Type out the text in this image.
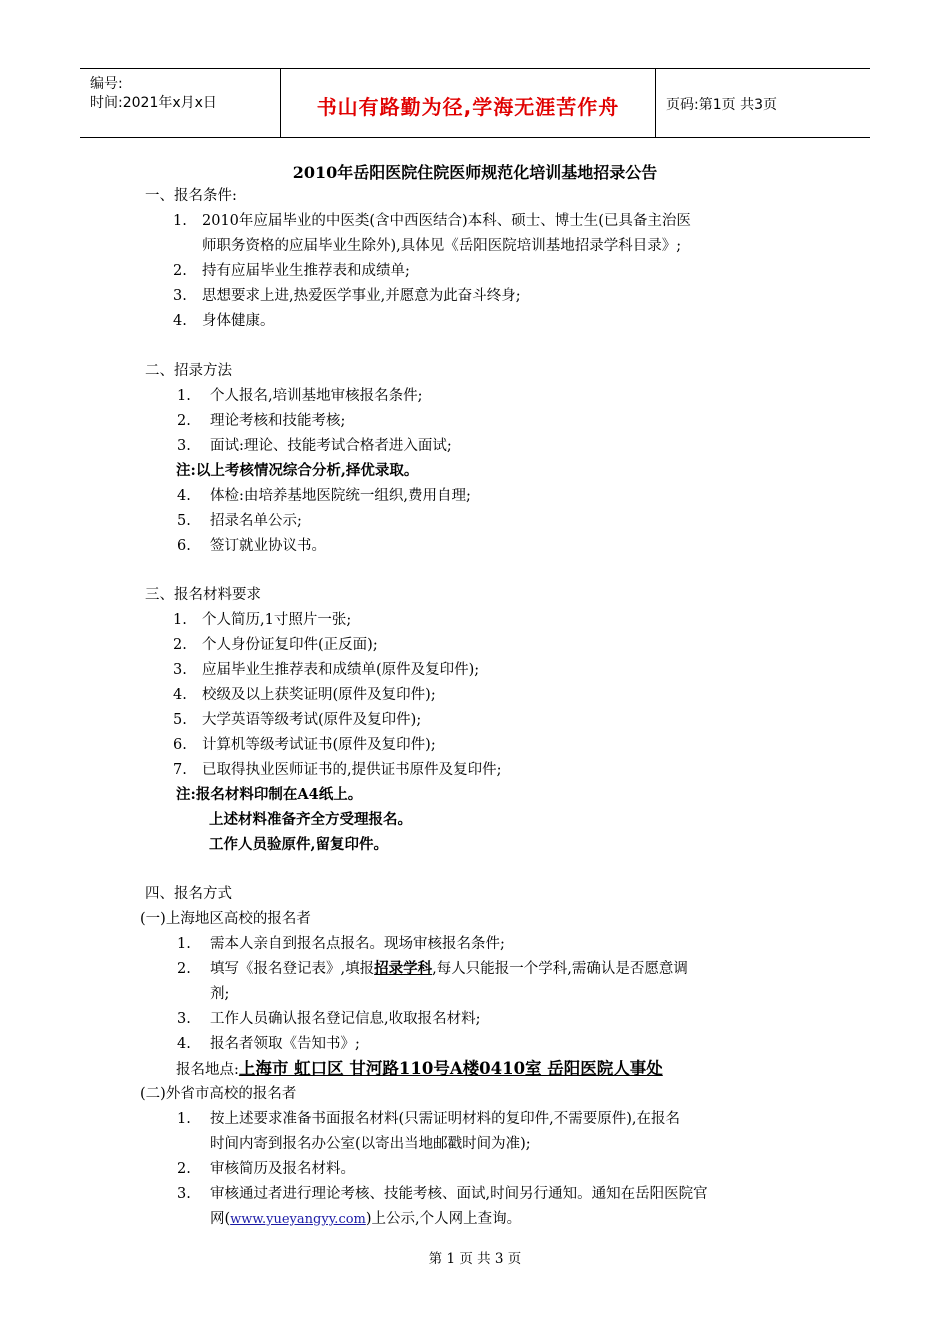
编号:
时间:2021年x月x日	书山有路勤为径,学海无涯苦作舟	页码:第1页 共3页
2010年岳阳医院住院医师规范化培训基地招录公告
一、报名条件:
1. 2010年应届毕业的中医类(含中西医结合)本科、硕士、博士生(已具备主治医
师职务资格的应届毕业生除外),具体见《岳阳医院培训基地招录学科目录》;
2. 持有应届毕业生推荐表和成绩单;
3. 思想要求上进,热爱医学事业,并愿意为此奋斗终身;
4. 身体健康。
二、招录方法
1. 个人报名,培训基地审核报名条件;
2. 理论考核和技能考核;
3. 面试:理论、技能考试合格者进入面试;
注:以上考核情况综合分析,择优录取。
4. 体检:由培养基地医院统一组织,费用自理;
5. 招录名单公示;
6. 签订就业协议书。
三、报名材料要求
1. 个人简历,1寸照片一张;
2. 个人身份证复印件(正反面);
3. 应届毕业生推荐表和成绩单(原件及复印件);
4. 校级及以上获奖证明(原件及复印件);
5. 大学英语等级考试(原件及复印件);
6. 计算机等级考试证书(原件及复印件);
7. 已取得执业医师证书的,提供证书原件及复印件;
注:报名材料印制在A4纸上。
上述材料准备齐全方受理报名。
工作人员验原件,留复印件。
四、报名方式
(一)上海地区高校的报名者
1. 需本人亲自到报名点报名。现场审核报名条件;
2. 填写《报名登记表》,填报招录学科,每人只能报一个学科,需确认是否愿意调
剂;
3. 工作人员确认报名登记信息,收取报名材料;
4. 报名者领取《告知书》;
报名地点:上海市 虹口区 甘河路110号A楼0410室 岳阳医院人事处
(二)外省市高校的报名者
1. 按上述要求准备书面报名材料(只需证明材料的复印件,不需要原件),在报名
时间内寄到报名办公室(以寄出当地邮戳时间为准);
2. 审核简历及报名材料。
3. 审核通过者进行理论考核、技能考核、面试,时间另行通知。通知在岳阳医院官
网(www.yueyangyy.com)上公示,个人网上查询。
第 1 页 共 3 页
